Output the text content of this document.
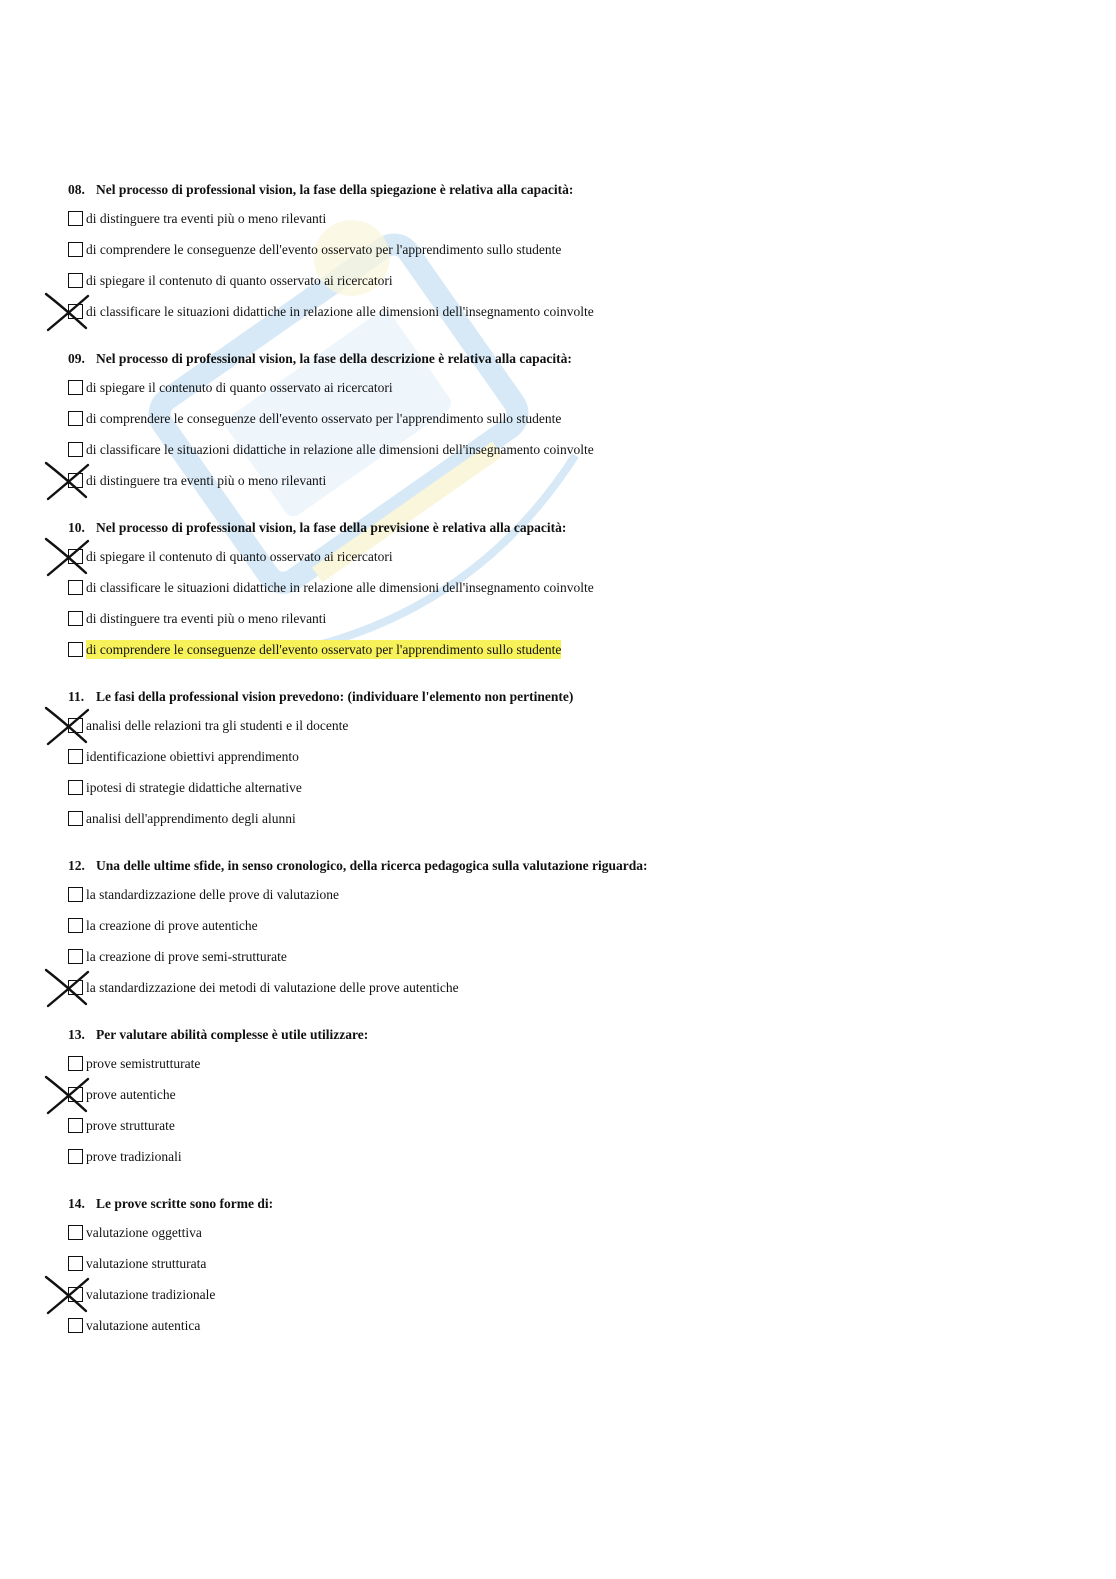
08. Nel processo di professional vision, la fase della spiegazione è relativa alla capacità:
di distinguere tra eventi più o meno rilevanti
di comprendere le conseguenze dell'evento osservato per l'apprendimento sullo studente
di spiegare il contenuto di quanto osservato ai ricercatori
di classificare le situazioni didattiche in relazione alle dimensioni dell'insegnamento coinvolte
09. Nel processo di professional vision, la fase della descrizione è relativa alla capacità:
di spiegare il contenuto di quanto osservato ai ricercatori
di comprendere le conseguenze dell'evento osservato per l'apprendimento sullo studente
di classificare le situazioni didattiche in relazione alle dimensioni dell'insegnamento coinvolte
di distinguere tra eventi più o meno rilevanti
10. Nel processo di professional vision, la fase della previsione è relativa alla capacità:
di spiegare il contenuto di quanto osservato ai ricercatori
di classificare le situazioni didattiche in relazione alle dimensioni dell'insegnamento coinvolte
di distinguere tra eventi più o meno rilevanti
di comprendere le conseguenze dell'evento osservato per l'apprendimento sullo studente
11. Le fasi della professional vision prevedono: (individuare l'elemento non pertinente)
analisi delle relazioni tra gli studenti e il docente
identificazione obiettivi apprendimento
ipotesi di strategie didattiche alternative
analisi dell'apprendimento degli alunni
12. Una delle ultime sfide, in senso cronologico, della ricerca pedagogica sulla valutazione riguarda:
la standardizzazione delle prove di valutazione
la creazione di prove autentiche
la creazione di prove semi-strutturate
la standardizzazione dei metodi di valutazione delle prove autentiche
13. Per valutare abilità complesse è utile utilizzare:
prove semistrutturate
prove autentiche
prove strutturate
prove tradizionali
14. Le prove scritte sono forme di:
valutazione oggettiva
valutazione strutturata
valutazione tradizionale
valutazione autentica
